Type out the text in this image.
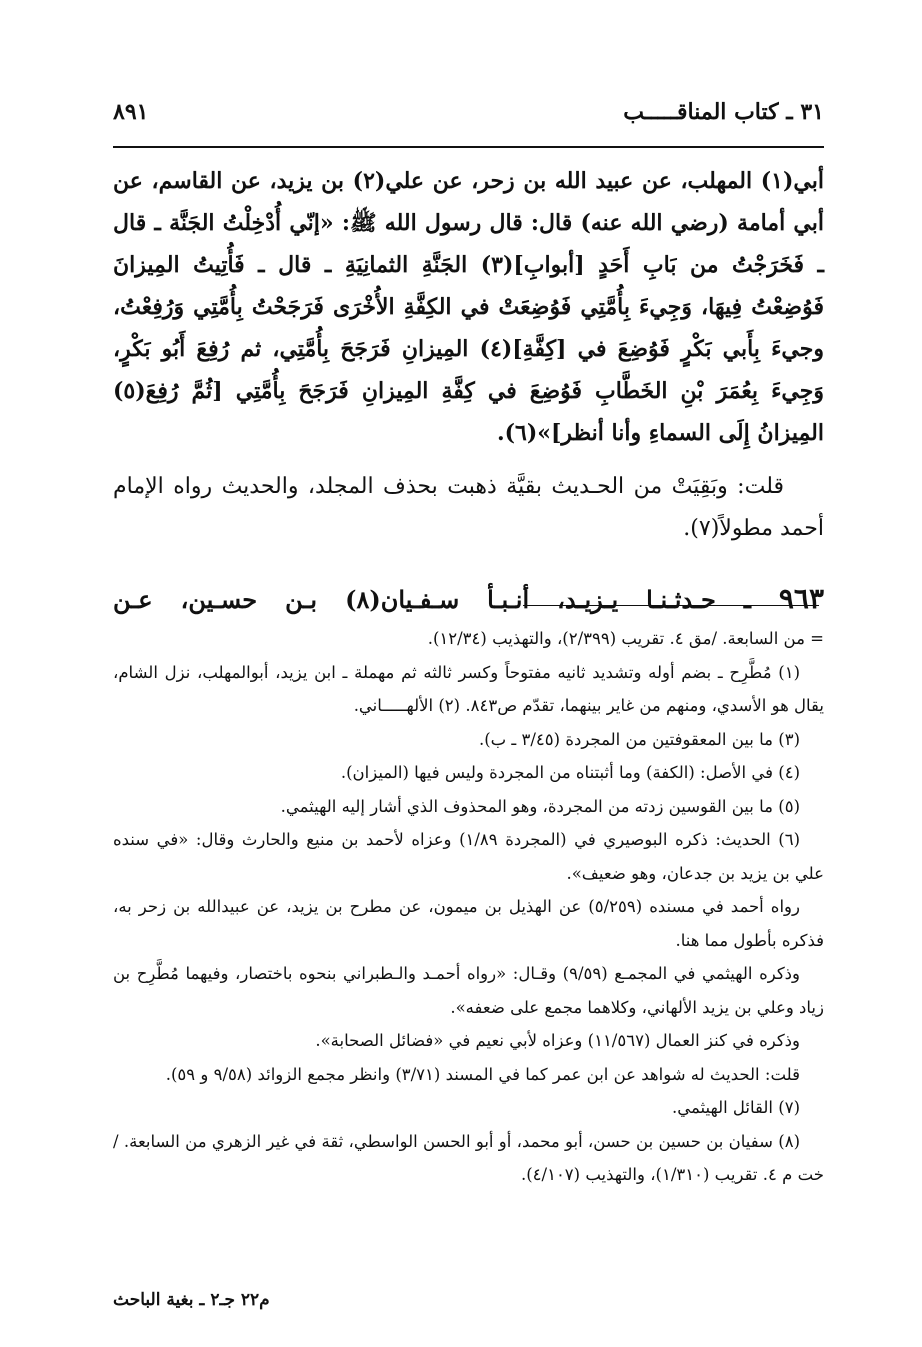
٨٩١	٣١ ـ كتاب المناقـــــب

أبي(١) المهلب، عن عبيد الله بن زحر، عن علي(٢) بن يزيد، عن القاسم، عن أبي أمامة (رضي الله عنه) قال: قال رسول الله ﷺ: «إنّي أُدْخِلْتُ الجَنَّة ـ قال ـ فَخَرَجْتُ من بَابِ أَحَدٍ [أبوابِ](٣) الجَنَّةِ الثمانِيَةِ ـ قال ـ فَأُتِيتُ المِيزانَ فَوُضِعْتُ فِيهَا، وَجِيءَ بِأُمَّتِي فَوُضِعَتْ في الكِفَّةِ الأُخْرَى فَرَجَحْتُ بِأُمَّتِي وَرُفِعْتُ، وجيءَ بِأَبي بَكْرٍ فَوُضِعَ في [كِفَّةِ](٤) المِيزانِ فَرَجَحَ بِأُمَّتِي، ثم رُفِعَ أَبُو بَكْرٍ، وَجِيءَ بِعُمَرَ بْنِ الخَطَّابِ فَوُضِعَ في كِفَّةِ المِيزانِ فَرَجَحَ بِأُمَّتِي [ثُمَّ رُفِعَ(٥) المِيزانُ إِلَى السماءِ وأنا أنظر]»(٦).

قلت: وبَقِيَتْ من الحـديث بقيَّة ذهبت بحذف المجلد، والحديث رواه الإمام أحمد مطولاً(٧).

٩٦٣ ـ حـدثـنـا يـزيـد، أنـبـأ سـفـيان(٨) بـن حسـين، عـن

= من السابعة. /مق ٤. تقريب (٢/٣٩٩)، والتهذيب (١٢/٣٤).

(١) مُطَّرِح ـ بضم أوله وتشديد ثانيه مفتوحاً وكسر ثالثه ثم مهملة ـ ابن يزيد، أبوالمهلب، نزل الشام، يقال هو الأسدي، ومنهم من غاير بينهما، تقدّم ص٨٤٣. (٢) الألهـــــاني.

(٣) ما بين المعقوفتين من المجردة (٣/٤٥ ـ ب).

(٤) في الأصل: (الكفة) وما أثبتناه من المجردة وليس فيها (الميزان).

(٥) ما بين القوسين زدته من المجردة، وهو المحذوف الذي أشار إليه الهيثمي.

(٦) الحديث: ذكره البوصيري في (المجردة ١/٨٩) وعزاه لأحمد بن منيع والحارث وقال: «في سنده علي بن يزيد بن جدعان، وهو ضعيف».

رواه أحمد في مسنده (٥/٢٥٩) عن الهذيل بن ميمون، عن مطرح بن يزيد، عن عبيدالله بن زحر به، فذكره بأطول مما هنا.

وذكره الهيثمي في المجمـع (٩/٥٩) وقـال: «رواه أحمـد والـطبراني بنحوه باختصار، وفيهما مُطَّرِح بن زياد وعلي بن يزيد الألهاني، وكلاهما مجمع على ضعفه».

وذكره في كنز العمال (١١/٥٦٧) وعزاه لأبي نعيم في «فضائل الصحابة».

قلت: الحديث له شواهد عن ابن عمر كما في المسند (٣/٧١) وانظر مجمع الزوائد (٩/٥٨ و ٥٩).

(٧) القائل الهيثمي.

(٨) سفيان بن حسين بن حسن، أبو محمد، أو أبو الحسن الواسطي، ثقة في غير الزهري من السابعة. /خت م ٤. تقريب (١/٣١٠)، والتهذيب (٤/١٠٧).

م٢٢ جـ٢ ـ بغية الباحث
